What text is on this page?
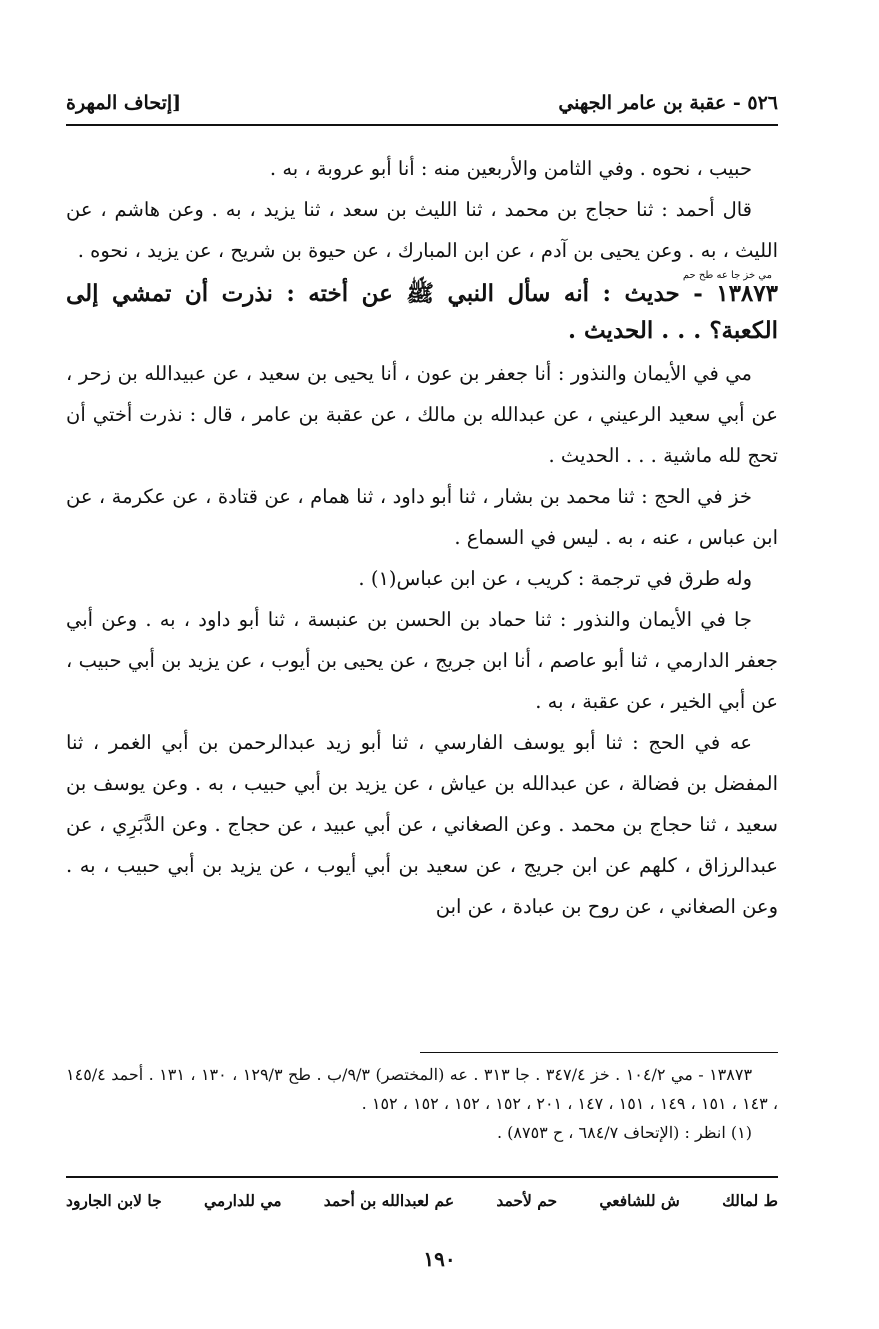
٥٢٦ - عقبة بن عامر الجهني
[إتحاف المهرة

حبيب ، نحوه . وفي الثامن والأربعين منه : أنا أبو عروبة ، به .

قال أحمد : ثنا حجاج بن محمد ، ثنا الليث بن سعد ، ثنا يزيد ، به . وعن هاشم ، عن الليث ، به . وعن يحيى بن آدم ، عن ابن المبارك ، عن حيوة بن شريح ، عن يزيد ، نحوه .

مي خز جا عه طح حم
١٣٨٧٣ - حديث : أنه سأل النبي ﷺ عن أخته : نذرت أن تمشي إلى الكعبة؟ . . . الحديث .

مي في الأيمان والنذور : أنا جعفر بن عون ، أنا يحيى بن سعيد ، عن عبيدالله بن زحر ، عن أبي سعيد الرعيني ، عن عبدالله بن مالك ، عن عقبة بن عامر ، قال : نذرت أختي أن تحج لله ماشية . . . الحديث .

خز في الحج : ثنا محمد بن بشار ، ثنا أبو داود ، ثنا همام ، عن قتادة ، عن عكرمة ، عن ابن عباس ، عنه ، به . ليس في السماع .

وله طرق في ترجمة : كريب ، عن ابن عباس(١) .

جا في الأيمان والنذور : ثنا حماد بن الحسن بن عنبسة ، ثنا أبو داود ، به . وعن أبي جعفر الدارمي ، ثنا أبو عاصم ، أنا ابن جريج ، عن يحيى بن أيوب ، عن يزيد بن أبي حبيب ، عن أبي الخير ، عن عقبة ، به .

عه في الحج : ثنا أبو يوسف الفارسي ، ثنا أبو زيد عبدالرحمن بن أبي الغمر ، ثنا المفضل بن فضالة ، عن عبدالله بن عياش ، عن يزيد بن أبي حبيب ، به . وعن يوسف بن سعيد ، ثنا حجاج بن محمد . وعن الصغاني ، عن أبي عبيد ، عن حجاج . وعن الدَّبَرِي ، عن عبدالرزاق ، كلهم عن ابن جريج ، عن سعيد بن أبي أيوب ، عن يزيد بن أبي حبيب ، به . وعن الصغاني ، عن روح بن عبادة ، عن ابن

١٣٨٧٣ - مي ١٠٤/٢ . خز ٣٤٧/٤ . جا ٣١٣ . عه (المختصر) ٩/٣/ب . طح ١٢٩/٣ ، ١٣٠ ، ١٣١ . أحمد ١٤٥/٤ ، ١٤٣ ، ١٥١ ، ١٤٩ ، ١٥١ ، ١٤٧ ، ٢٠١ ، ١٥٢ ، ١٥٢ ، ١٥٢ ، ١٥٢ .

(١) انظر : (الإتحاف ٦٨٤/٧ ، ح ٨٧٥٣) .

ط لمالك
ش للشافعي
حم لأحمد
عم لعبدالله بن أحمد
مي للدارمي
جا لابن الجارود
١٩٠
